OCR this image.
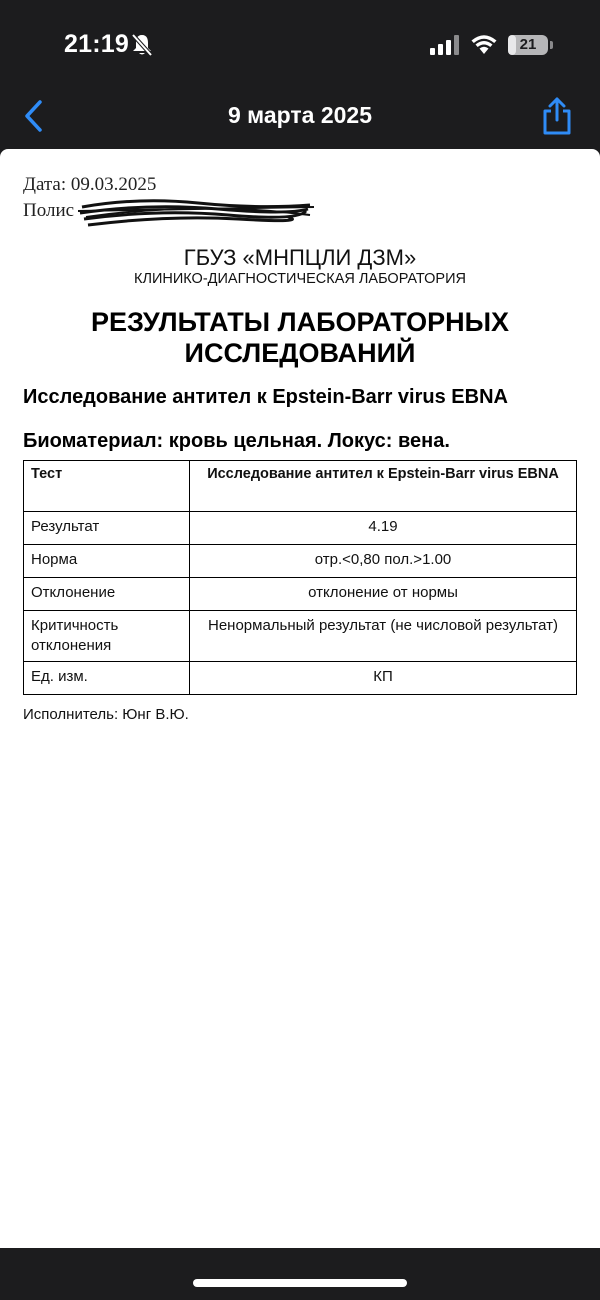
21:19	21
9 марта 2025
Дата: 09.03.2025
Полис
ГБУЗ «МНПЦЛИ ДЗМ»
КЛИНИКО-ДИАГНОСТИЧЕСКАЯ ЛАБОРАТОРИЯ
РЕЗУЛЬТАТЫ ЛАБОРАТОРНЫХ ИССЛЕДОВАНИЙ
Исследование антител к Epstein-Barr virus EBNA
Биоматериал: кровь цельная. Локус: вена.
Тест	Исследование антител к Epstein-Barr virus EBNA
Результат	4.19
Норма	отр.<0,80 пол.>1.00
Отклонение	отклонение от нормы
Критичность отклонения	Ненормальный результат (не числовой результат)
Ед. изм.	КП
Исполнитель: Юнг В.Ю.
